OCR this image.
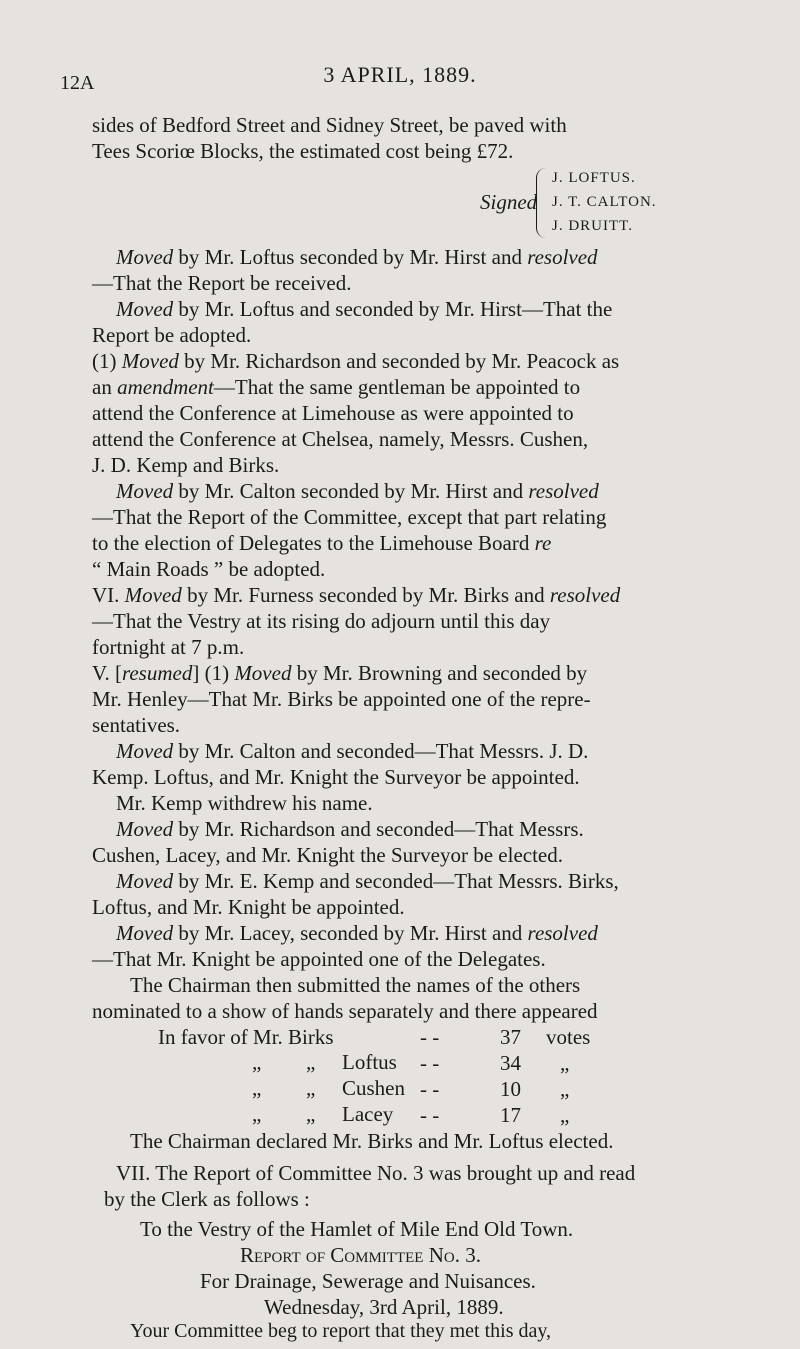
12A	3 APRIL, 1889.
sides of Bedford Street and Sidney Street, be paved with
Tees Scoriœ Blocks, the estimated cost being £72.
Signed
J. LOFTUS.
J. T. CALTON.
J. DRUITT.
Moved by Mr. Loftus seconded by Mr. Hirst and resolved
—That the Report be received.
Moved by Mr. Loftus and seconded by Mr. Hirst—That the
Report be adopted.
(1) Moved by Mr. Richardson and seconded by Mr. Peacock as
an amendment—That the same gentleman be appointed to
attend the Conference at Limehouse as were appointed to
attend the Conference at Chelsea, namely, Messrs. Cushen,
J. D. Kemp and Birks.
Moved by Mr. Calton seconded by Mr. Hirst and resolved
—That the Report of the Committee, except that part relating
to the election of Delegates to the Limehouse Board re
“ Main Roads ” be adopted.
VI. Moved by Mr. Furness seconded by Mr. Birks and resolved
—That the Vestry at its rising do adjourn until this day
fortnight at 7 p.m.
V. [resumed] (1) Moved by Mr. Browning and seconded by
Mr. Henley—That Mr. Birks be appointed one of the repre-
sentatives.
Moved by Mr. Calton and seconded—That Messrs. J. D.
Kemp. Loftus, and Mr. Knight the Surveyor be appointed.
Mr. Kemp withdrew his name.
Moved by Mr. Richardson and seconded—That Messrs.
Cushen, Lacey, and Mr. Knight the Surveyor be elected.
Moved by Mr. E. Kemp and seconded—That Messrs. Birks,
Loftus, and Mr. Knight be appointed.
Moved by Mr. Lacey, seconded by Mr. Hirst and resolved
—That Mr. Knight be appointed one of the Delegates.
The Chairman then submitted the names of the others
nominated to a show of hands separately and there appeared
In favor of Mr. Birks	- -	37 votes
„ „ Loftus - -	34 „
„ „ Cushen - -	10 „
„ „ Lacey - -	17 „
The Chairman declared Mr. Birks and Mr. Loftus elected.
VII. The Report of Committee No. 3 was brought up and read
by the Clerk as follows :
To the Vestry of the Hamlet of Mile End Old Town.
Report of Committee No. 3.
For Drainage, Sewerage and Nuisances.
Wednesday, 3rd April, 1889.
Your Committee beg to report that they met this day,
